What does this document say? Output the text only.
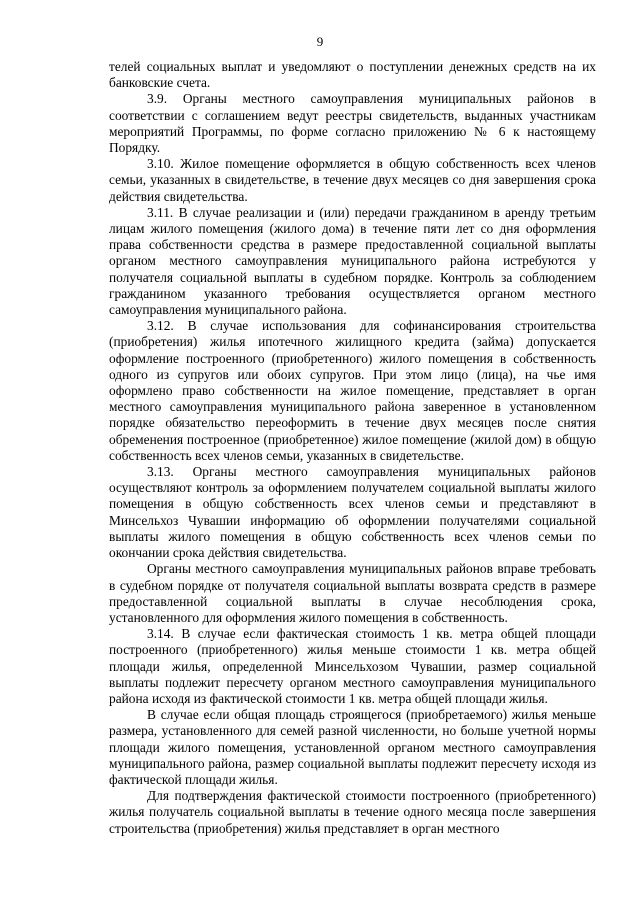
9

телей социальных выплат и уведомляют о поступлении денежных средств на их банковские счета.

3.9. Органы местного самоуправления муниципальных районов в соответствии с соглашением ведут реестры свидетельств, выданных участникам мероприятий Программы, по форме согласно приложению № 6 к настоящему Порядку.

3.10. Жилое помещение оформляется в общую собственность всех членов семьи, указанных в свидетельстве, в течение двух месяцев со дня завершения срока действия свидетельства.

3.11. В случае реализации и (или) передачи гражданином в аренду третьим лицам жилого помещения (жилого дома) в течение пяти лет со дня оформления права собственности средства в размере предоставленной социальной выплаты органом местного самоуправления муниципального района истребуются у получателя социальной выплаты в судебном порядке. Контроль за соблюдением гражданином указанного требования осуществляется органом местного самоуправления муниципального района.

3.12. В случае использования для софинансирования строительства (приобретения) жилья ипотечного жилищного кредита (займа) допускается оформление построенного (приобретенного) жилого помещения в собственность одного из супругов или обоих супругов. При этом лицо (лица), на чье имя оформлено право собственности на жилое помещение, представляет в орган местного самоуправления муниципального района заверенное в установленном порядке обязательство переоформить в течение двух месяцев после снятия обременения построенное (приобретенное) жилое помещение (жилой дом) в общую собственность всех членов семьи, указанных в свидетельстве.

3.13. Органы местного самоуправления муниципальных районов осуществляют контроль за оформлением получателем социальной выплаты жилого помещения в общую собственность всех членов семьи и представляют в Минсельхоз Чувашии информацию об оформлении получателями социальной выплаты жилого помещения в общую собственность всех членов семьи по окончании срока действия свидетельства.

Органы местного самоуправления муниципальных районов вправе требовать в судебном порядке от получателя социальной выплаты возврата средств в размере предоставленной социальной выплаты в случае несоблюдения срока, установленного для оформления жилого помещения в собственность.

3.14. В случае если фактическая стоимость 1 кв. метра общей площади построенного (приобретенного) жилья меньше стоимости 1 кв. метра общей площади жилья, определенной Минсельхозом Чувашии, размер социальной выплаты подлежит пересчету органом местного самоуправления муниципального района исходя из фактической стоимости 1 кв. метра общей площади жилья.

В случае если общая площадь строящегося (приобретаемого) жилья меньше размера, установленного для семей разной численности, но больше учетной нормы площади жилого помещения, установленной органом местного самоуправления муниципального района, размер социальной выплаты подлежит пересчету исходя из фактической площади жилья.

Для подтверждения фактической стоимости построенного (приобретенного) жилья получатель социальной выплаты в течение одного месяца после завершения строительства (приобретения) жилья представляет в орган местного
